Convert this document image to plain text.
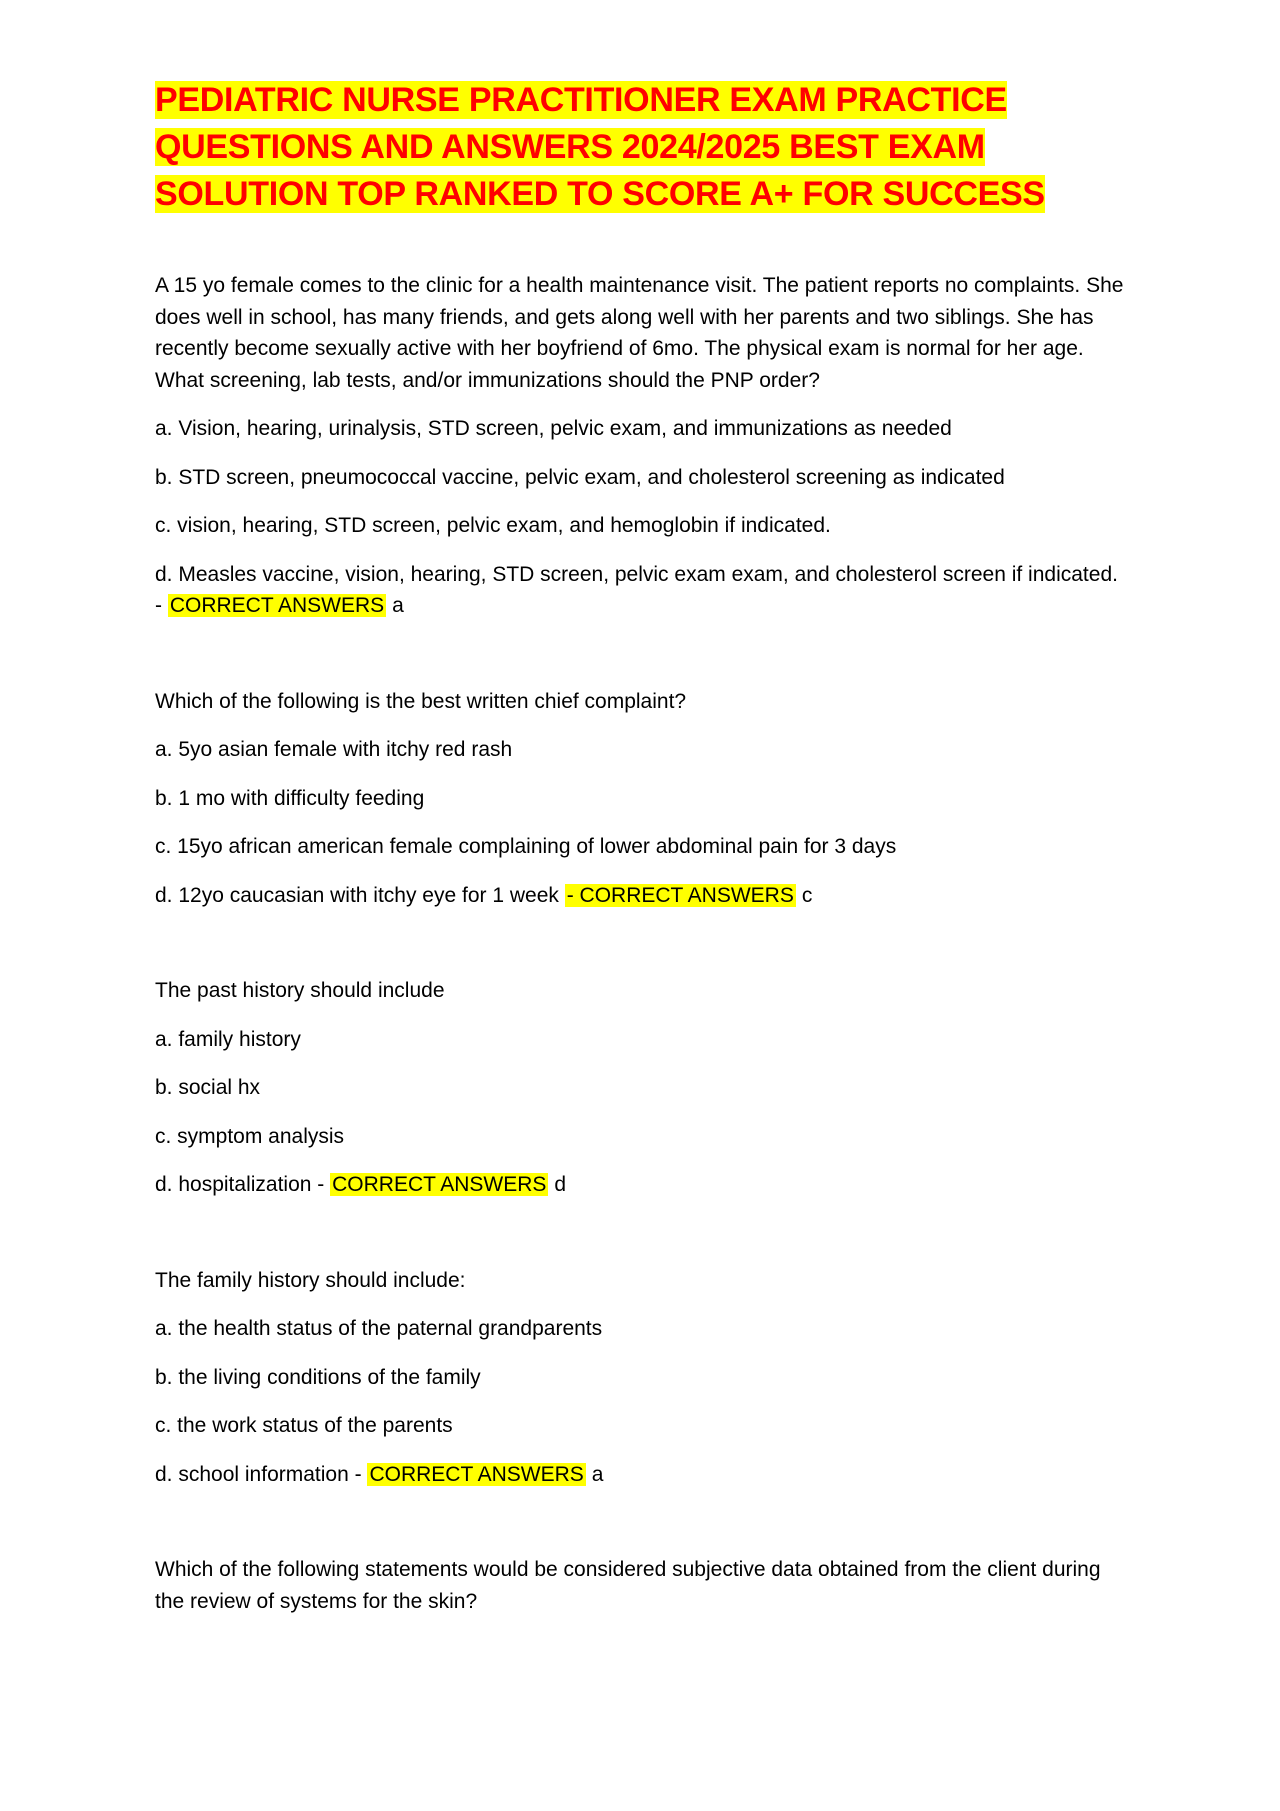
PEDIATRIC NURSE PRACTITIONER EXAM PRACTICE
QUESTIONS AND ANSWERS 2024/2025 BEST EXAM
SOLUTION TOP RANKED TO SCORE A+ FOR SUCCESS

A 15 yo female comes to the clinic for a health maintenance visit. The patient reports no complaints. She does well in school, has many friends, and gets along well with her parents and two siblings. She has recently become sexually active with her boyfriend of 6mo. The physical exam is normal for her age. What screening, lab tests, and/or immunizations should the PNP order?

a. Vision, hearing, urinalysis, STD screen, pelvic exam, and immunizations as needed

b. STD screen, pneumococcal vaccine, pelvic exam, and cholesterol screening as indicated

c. vision, hearing, STD screen, pelvic exam, and hemoglobin if indicated.

d. Measles vaccine, vision, hearing, STD screen, pelvic exam exam, and cholesterol screen if indicated. - CORRECT ANSWERS a

Which of the following is the best written chief complaint?

a. 5yo asian female with itchy red rash

b. 1 mo with difficulty feeding

c. 15yo african american female complaining of lower abdominal pain for 3 days

d. 12yo caucasian with itchy eye for 1 week - CORRECT ANSWERS c

The past history should include

a. family history

b. social hx

c. symptom analysis

d. hospitalization - CORRECT ANSWERS d

The family history should include:

a. the health status of the paternal grandparents

b. the living conditions of the family

c. the work status of the parents

d. school information - CORRECT ANSWERS a

Which of the following statements would be considered subjective data obtained from the client during the review of systems for the skin?
